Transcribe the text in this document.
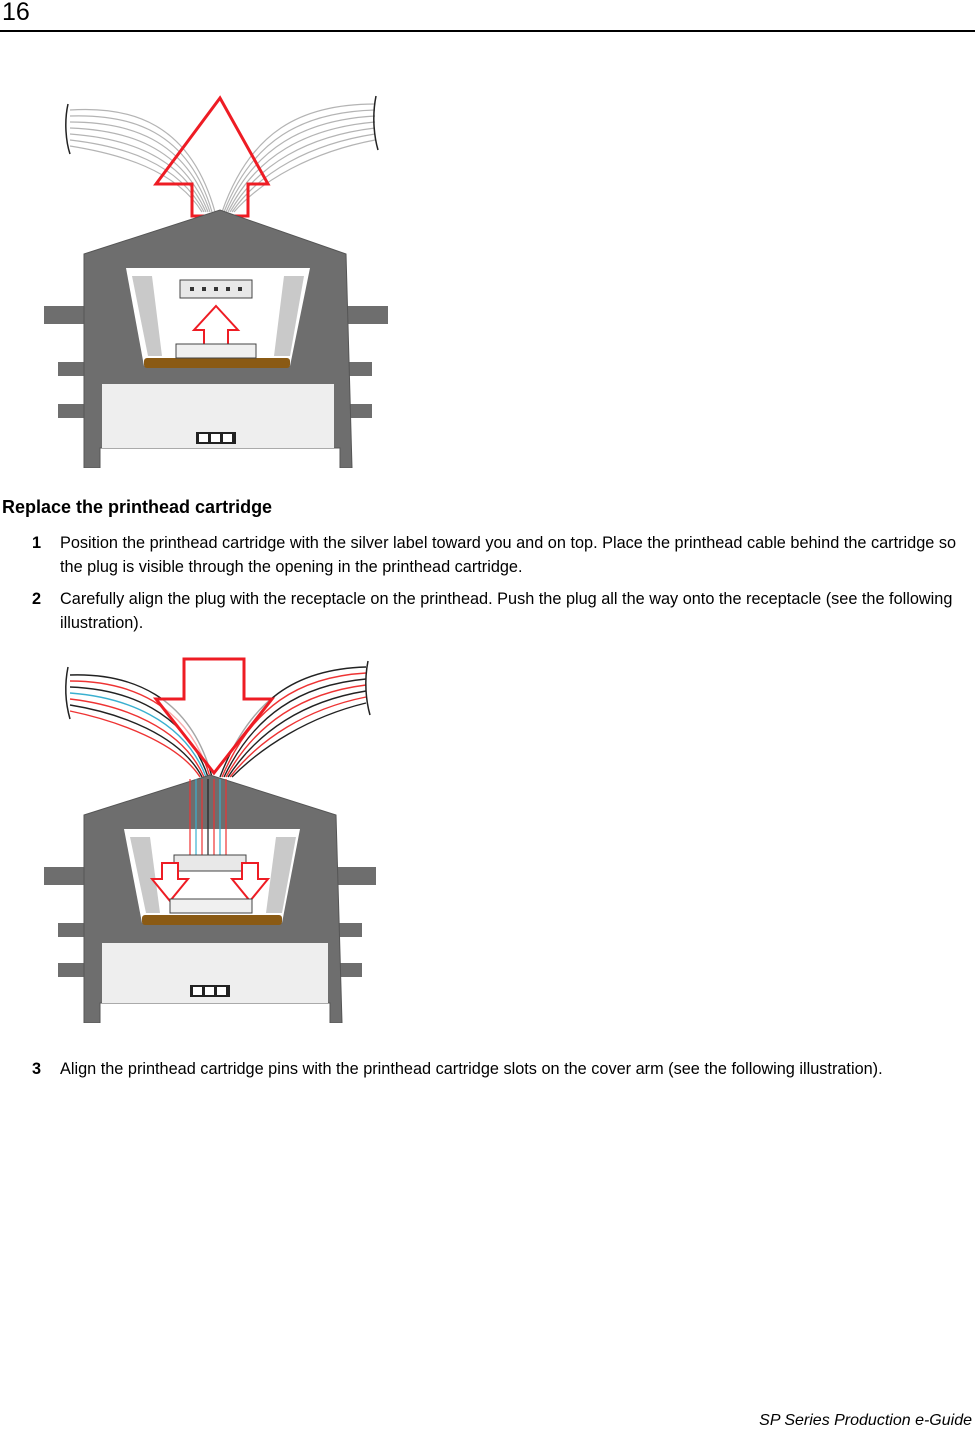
16
Replace the printhead cartridge
1 Position the printhead cartridge with the silver label toward you and on top. Place the printhead cable behind the cartridge so the plug is visible through the opening in the printhead cartridge.
2 Carefully align the plug with the receptacle on the printhead. Push the plug all the way onto the receptacle (see the following illustration).
3 Align the printhead cartridge pins with the printhead cartridge slots on the cover arm (see the following illustration).
SP Series Production e-Guide
